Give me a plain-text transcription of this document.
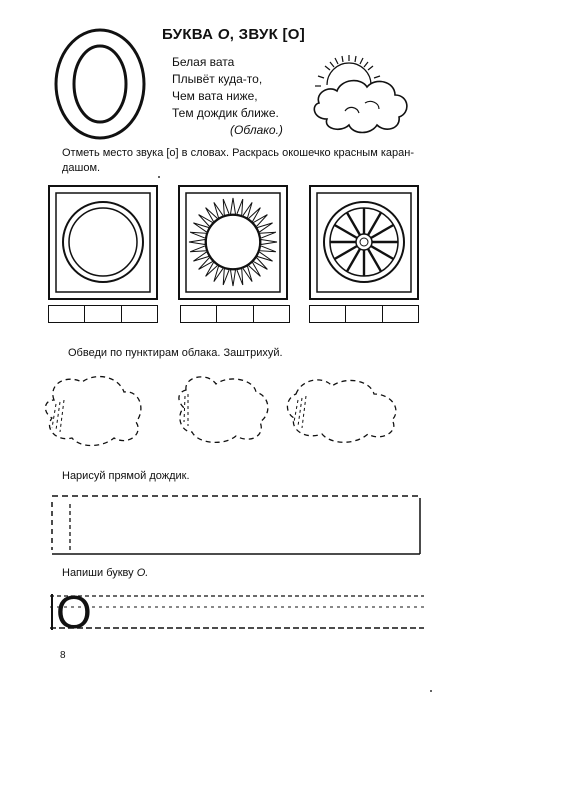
БУКВА О, ЗВУК [О]
Белая вата
Плывёт куда-то,
Чем вата ниже,
Тем дождик ближе.
(Облако.)
Отметь место звука [о] в словах. Раскрась окошечко красным каран-
дашом.
Обведи по пунктирам облака. Заштрихуй.
Нарисуй прямой дождик.
Напиши букву О.
О
8
